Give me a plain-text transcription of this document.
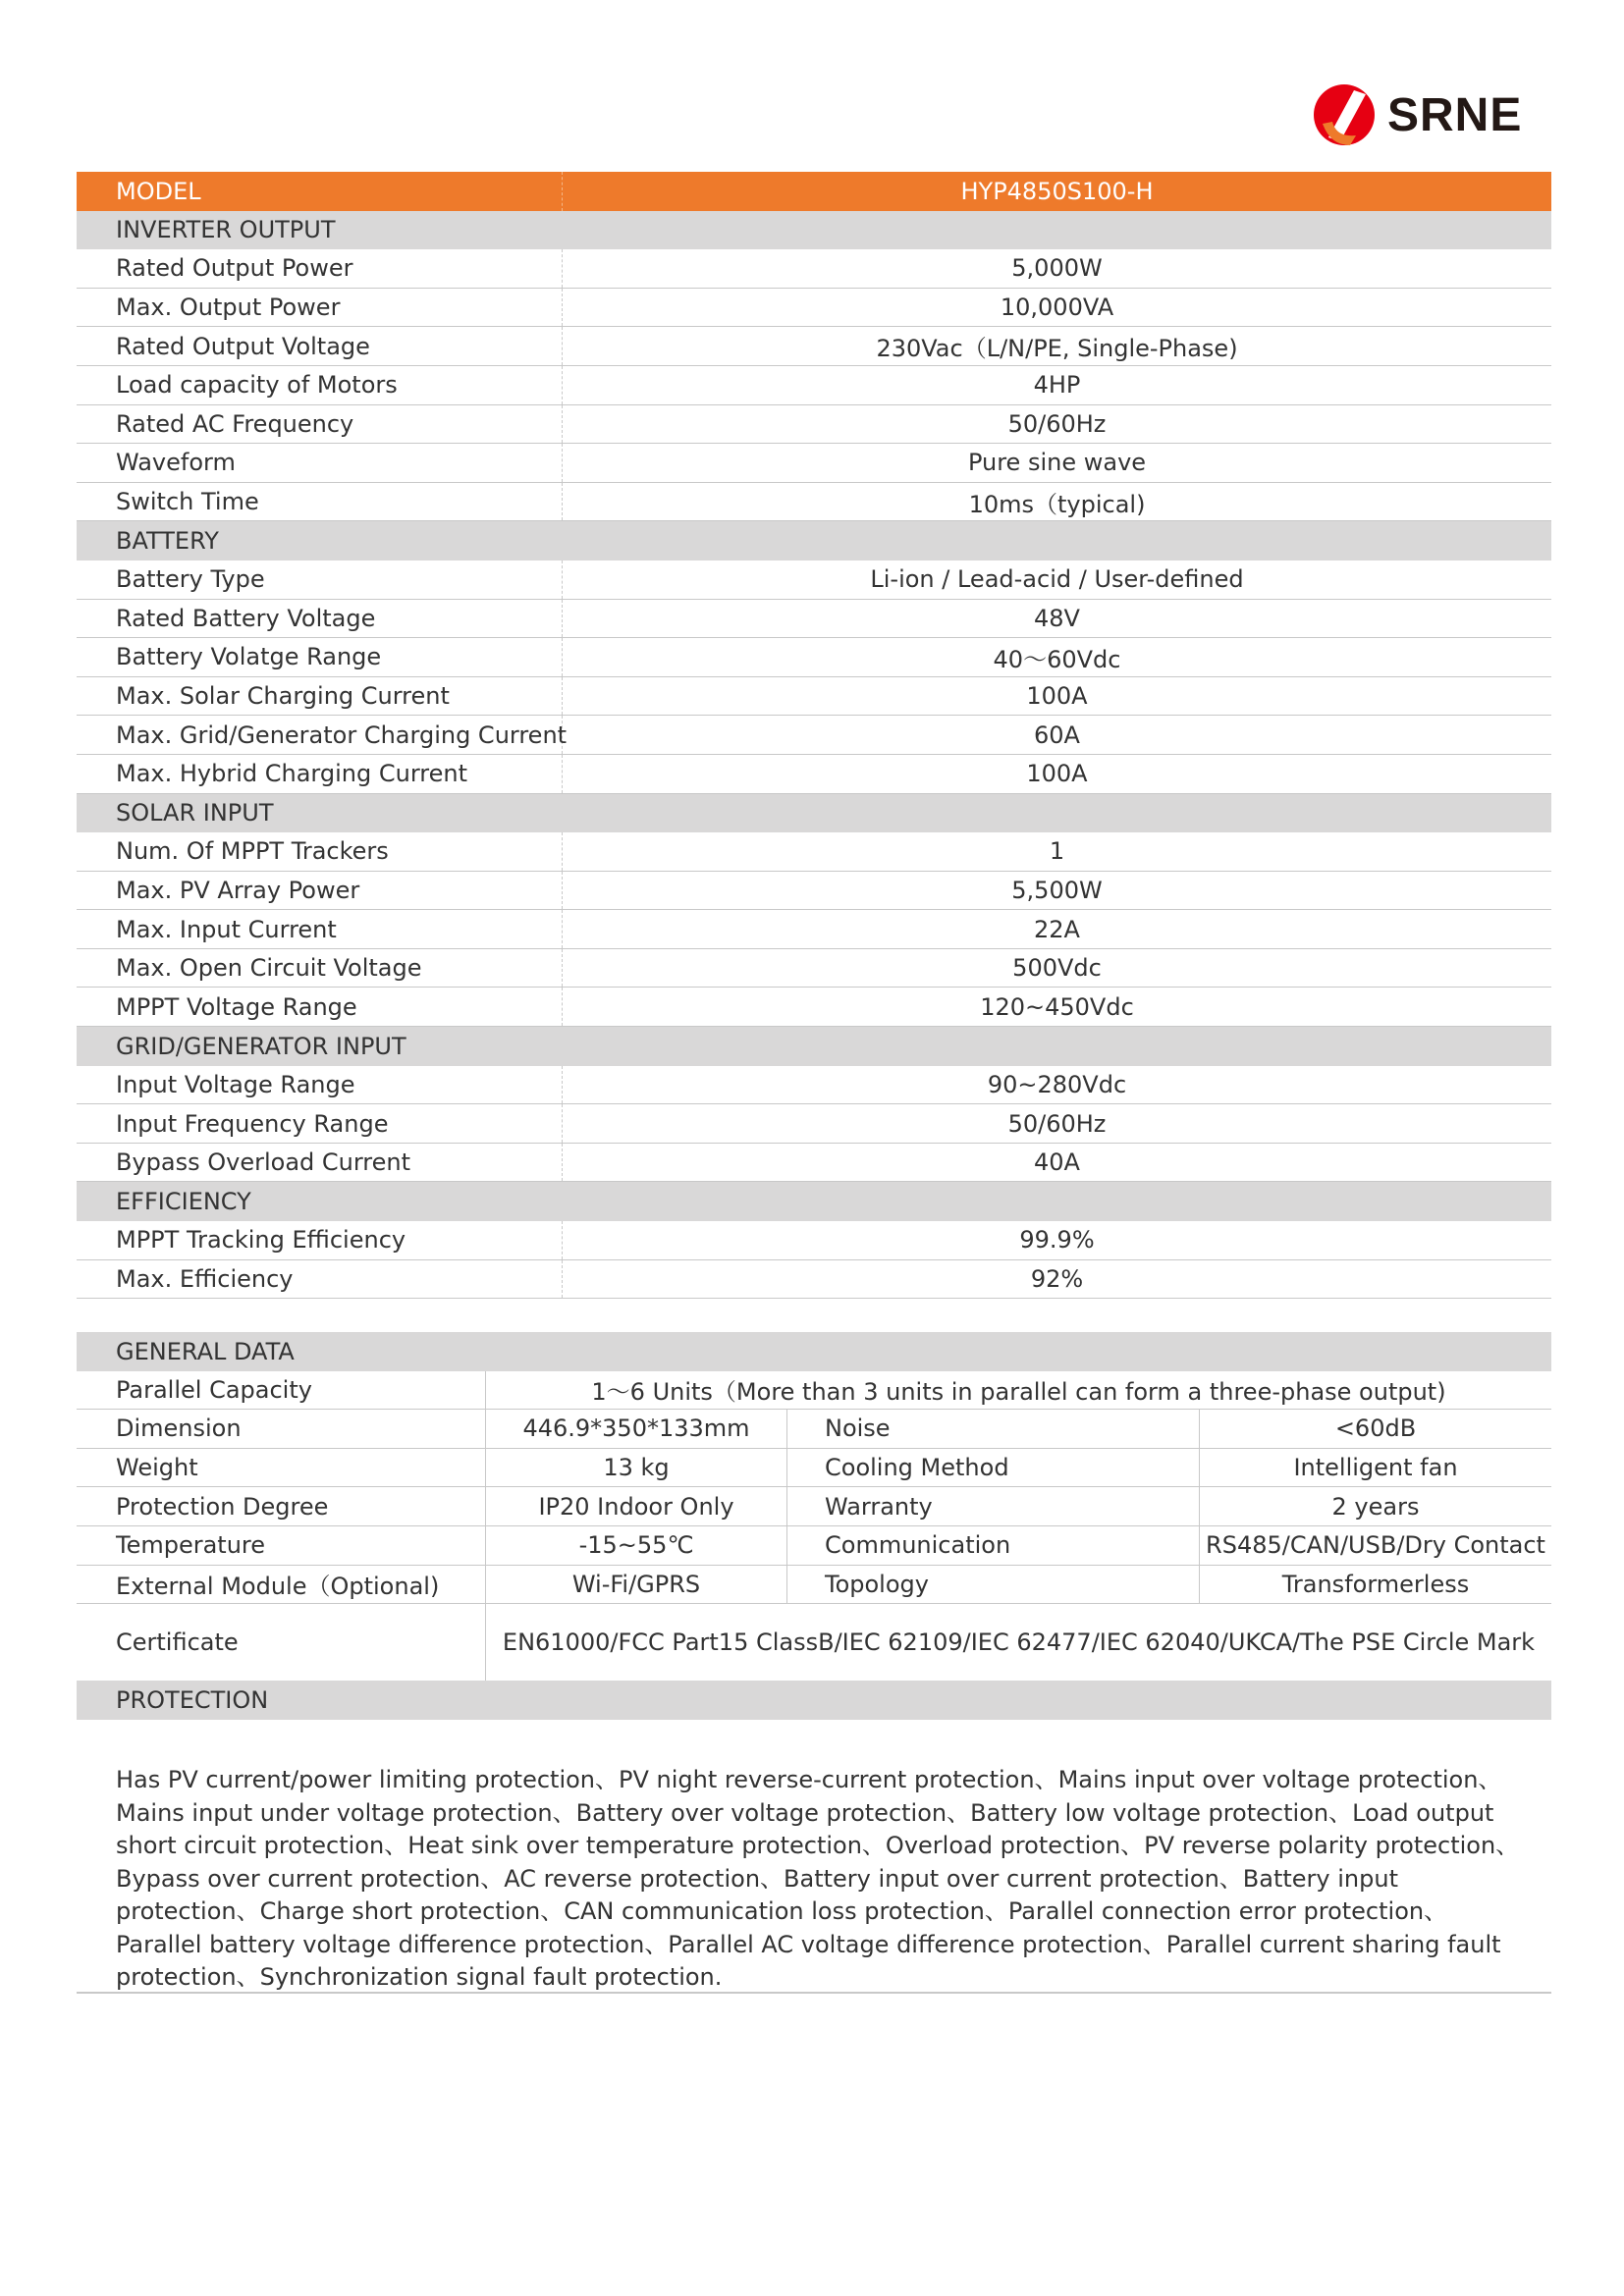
SRNE
MODEL	HYP4850S100-H
INVERTER OUTPUT
Rated Output Power	5,000W
Max. Output Power	10,000VA
Rated Output Voltage	230Vac（L/N/PE, Single-Phase)
Load capacity of Motors	4HP
Rated AC Frequency	50/60Hz
Waveform	Pure sine wave
Switch Time	10ms（typical)
BATTERY
Battery Type	Li-ion / Lead-acid / User-defined
Rated Battery Voltage	48V
Battery Volatge Range	40～60Vdc
Max. Solar Charging Current	100A
Max. Grid/Generator Charging Current	60A
Max. Hybrid Charging Current	100A
SOLAR INPUT
Num. Of MPPT Trackers	1
Max. PV Array Power	5,500W
Max. Input Current	22A
Max. Open Circuit Voltage	500Vdc
MPPT Voltage Range	120~450Vdc
GRID/GENERATOR INPUT
Input Voltage Range	90~280Vdc
Input Frequency Range	50/60Hz
Bypass Overload Current	40A
EFFICIENCY
MPPT Tracking Efficiency	99.9%
Max. Efficiency	92%
GENERAL DATA
Parallel Capacity	1～6 Units（More than 3 units in parallel can form a three-phase output)
Dimension	446.9*350*133mm	Noise	<60dB
Weight	13 kg	Cooling Method	Intelligent fan
Protection Degree	IP20 Indoor Only	Warranty	2 years
Temperature	-15~55℃	Communication	RS485/CAN/USB/Dry Contact
External Module（Optional)	Wi-Fi/GPRS	Topology	Transformerless
Certificate	EN61000/FCC Part15 ClassB/IEC 62109/IEC 62477/IEC 62040/UKCA/The PSE Circle Mark
PROTECTION
Has PV current/power limiting protection、PV night reverse-current protection、Mains input over voltage protection、Mains input under voltage protection、Battery over voltage protection、Battery low voltage protection、Load output short circuit protection、Heat sink over temperature protection、Overload protection、PV reverse polarity protection、Bypass over current protection、AC reverse protection、Battery input over current protection、Battery input protection、Charge short protection、CAN communication loss protection、Parallel connection error protection、Parallel battery voltage difference protection、Parallel AC voltage difference protection、Parallel current sharing fault protection、Synchronization signal fault protection.
